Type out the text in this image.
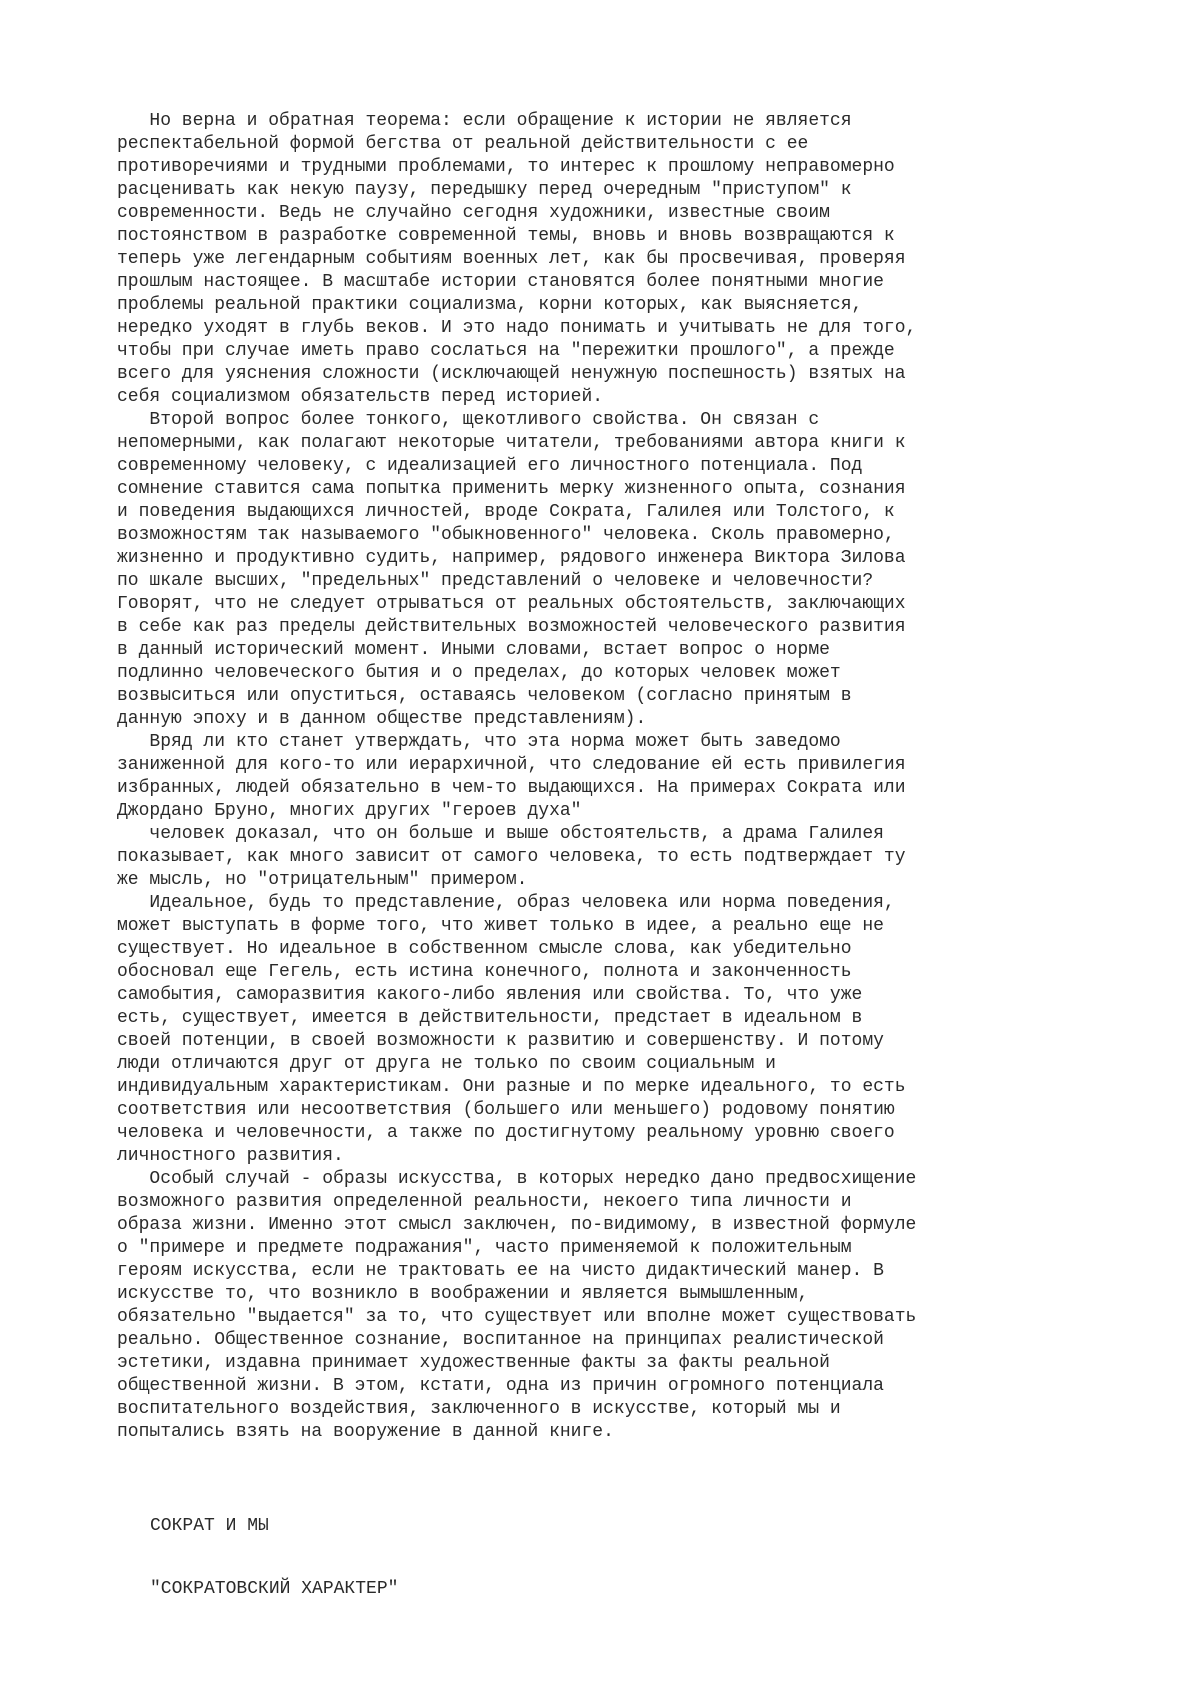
Но верна и обратная теорема: если обращение к истории не является
респектабельной формой бегства от реальной действительности с ее
противоречиями и трудными проблемами, то интерес к прошлому неправомерно
расценивать как некую паузу, передышку перед очередным "приступом" к
современности. Ведь не случайно сегодня художники, известные своим
постоянством в разработке современной темы, вновь и вновь возвращаются к
теперь уже легендарным событиям военных лет, как бы просвечивая, проверяя
прошлым настоящее. В масштабе истории становятся более понятными многие
проблемы реальной практики социализма, корни которых, как выясняется,
нередко уходят в глубь веков. И это надо понимать и учитывать не для того,
чтобы при случае иметь право сослаться на "пережитки прошлого", а прежде
всего для уяснения сложности (исключающей ненужную поспешность) взятых на
себя социализмом обязательств перед историей.
Второй вопрос более тонкого, щекотливого свойства. Он связан с
непомерными, как полагают некоторые читатели, требованиями автора книги к
современному человеку, с идеализацией его личностного потенциала. Под
сомнение ставится сама попытка применить мерку жизненного опыта, сознания
и поведения выдающихся личностей, вроде Сократа, Галилея или Толстого, к
возможностям так называемого "обыкновенного" человека. Сколь правомерно,
жизненно и продуктивно судить, например, рядового инженера Виктора Зилова
по шкале высших, "предельных" представлений о человеке и человечности?
Говорят, что не следует отрываться от реальных обстоятельств, заключающих
в себе как раз пределы действительных возможностей человеческого развития
в данный исторический момент. Иными словами, встает вопрос о норме
подлинно человеческого бытия и о пределах, до которых человек может
возвыситься или опуститься, оставаясь человеком (согласно принятым в
данную эпоху и в данном обществе представлениям).
Вряд ли кто станет утверждать, что эта норма может быть заведомо
заниженной для кого-то или иерархичной, что следование ей есть привилегия
избранных, людей обязательно в чем-то выдающихся. На примерах Сократа или
Джордано Бруно, многих других "героев духа"
человек доказал, что он больше и выше обстоятельств, а драма Галилея
показывает, как много зависит от самого человека, то есть подтверждает ту
же мысль, но "отрицательным" примером.
Идеальное, будь то представление, образ человека или норма поведения,
может выступать в форме того, что живет только в идее, а реально еще не
существует. Но идеальное в собственном смысле слова, как убедительно
обосновал еще Гегель, есть истина конечного, полнота и законченность
самобытия, саморазвития какого-либо явления или свойства. То, что уже
есть, существует, имеется в действительности, предстает в идеальном в
своей потенции, в своей возможности к развитию и совершенству. И потому
люди отличаются друг от друга не только по своим социальным и
индивидуальным характеристикам. Они разные и по мерке идеального, то есть
соответствия или несоответствия (большего или меньшего) родовому понятию
человека и человечности, а также по достигнутому реальному уровню своего
личностного развития.
Особый случай - образы искусства, в которых нередко дано предвосхищение
возможного развития определенной реальности, некоего типа личности и
образа жизни. Именно этот смысл заключен, по-видимому, в известной формуле
о "примере и предмете подражания", часто применяемой к положительным
героям искусства, если не трактовать ее на чисто дидактический манер. В
искусстве то, что возникло в воображении и является вымышленным,
обязательно "выдается" за то, что существует или вполне может существовать
реально. Общественное сознание, воспитанное на принципах реалистической
эстетики, издавна принимает художественные факты за факты реальной
общественной жизни. В этом, кстати, одна из причин огромного потенциала
воспитательного воздействия, заключенного в искусстве, который мы и
попытались взять на вооружение в данной книге.
СОКРАТ И МЫ
"СОКРАТОВСКИЙ ХАРАКТЕР"
